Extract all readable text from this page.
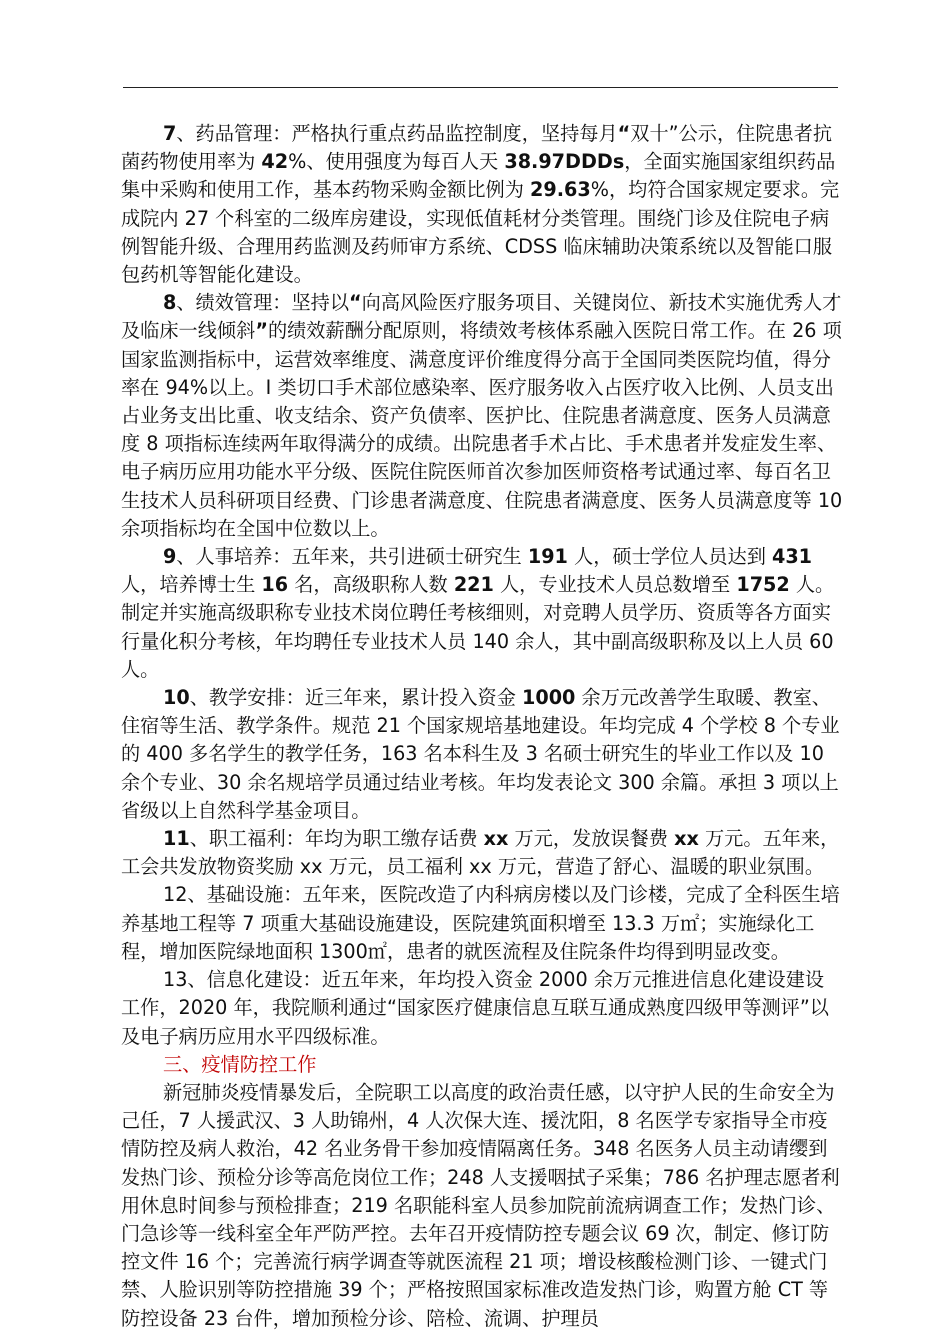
7、药品管理：严格执行重点药品监控制度，坚持每月“双十”公示，住院患者抗菌药物使用率为 42%、使用强度为每百人天 38.97DDDs，全面实施国家组织药品集中采购和使用工作，基本药物采购金额比例为 29.63%，均符合国家规定要求。完成院内 27 个科室的二级库房建设，实现低值耗材分类管理。围绕门诊及住院电子病例智能升级、合理用药监测及药师审方系统、CDSS 临床辅助决策系统以及智能口服包药机等智能化建设。

8、绩效管理：坚持以“向高风险医疗服务项目、关键岗位、新技术实施优秀人才及临床一线倾斜”的绩效薪酬分配原则，将绩效考核体系融入医院日常工作。在 26 项国家监测指标中，运营效率维度、满意度评价维度得分高于全国同类医院均值，得分率在 94%以上。I 类切口手术部位感染率、医疗服务收入占医疗收入比例、人员支出占业务支出比重、收支结余、资产负债率、医护比、住院患者满意度、医务人员满意度 8 项指标连续两年取得满分的成绩。出院患者手术占比、手术患者并发症发生率、电子病历应用功能水平分级、医院住院医师首次参加医师资格考试通过率、每百名卫生技术人员科研项目经费、门诊患者满意度、住院患者满意度、医务人员满意度等 10 余项指标均在全国中位数以上。

9、人事培养：五年来，共引进硕士研究生 191 人，硕士学位人员达到 431 人，培养博士生 16 名，高级职称人数 221 人，专业技术人员总数增至 1752 人。制定并实施高级职称专业技术岗位聘任考核细则，对竞聘人员学历、资质等各方面实行量化积分考核，年均聘任专业技术人员 140 余人，其中副高级职称及以上人员 60 人。

10、教学安排：近三年来，累计投入资金 1000 余万元改善学生取暖、教室、住宿等生活、教学条件。规范 21 个国家规培基地建设。年均完成 4 个学校 8 个专业的 400 多名学生的教学任务，163 名本科生及 3 名硕士研究生的毕业工作以及 10 余个专业、30 余名规培学员通过结业考核。年均发表论文 300 余篇。承担 3 项以上省级以上自然科学基金项目。

11、职工福利：年均为职工缴存话费 xx 万元，发放误餐费 xx 万元。五年来，工会共发放物资奖励 xx 万元，员工福利 xx 万元，营造了舒心、温暖的职业氛围。

12、基础设施：五年来，医院改造了内科病房楼以及门诊楼，完成了全科医生培养基地工程等 7 项重大基础设施建设，医院建筑面积增至 13.3 万㎡；实施绿化工程，增加医院绿地面积 1300㎡，患者的就医流程及住院条件均得到明显改变。

13、信息化建设：近五年来，年均投入资金 2000 余万元推进信息化建设建设工作，2020 年，我院顺利通过“国家医疗健康信息互联互通成熟度四级甲等测评”以及电子病历应用水平四级标准。

三、疫情防控工作

新冠肺炎疫情暴发后，全院职工以高度的政治责任感，以守护人民的生命安全为己任，7 人援武汉、3 人助锦州，4 人次保大连、援沈阳，8 名医学专家指导全市疫情防控及病人救治，42 名业务骨干参加疫情隔离任务。348 名医务人员主动请缨到发热门诊、预检分诊等高危岗位工作；248 人支援咽拭子采集；786 名护理志愿者利用休息时间参与预检排查；219 名职能科室人员参加院前流病调查工作；发热门诊、门急诊等一线科室全年严防严控。去年召开疫情防控专题会议 69 次，制定、修订防控文件 16 个；完善流行病学调查等就医流程 21 项；增设核酸检测门诊、一键式门禁、人脸识别等防控措施 39 个；严格按照国家标准改造发热门诊，购置方舱 CT 等防控设备 23 台件，增加预检分诊、陪检、流调、护理员
